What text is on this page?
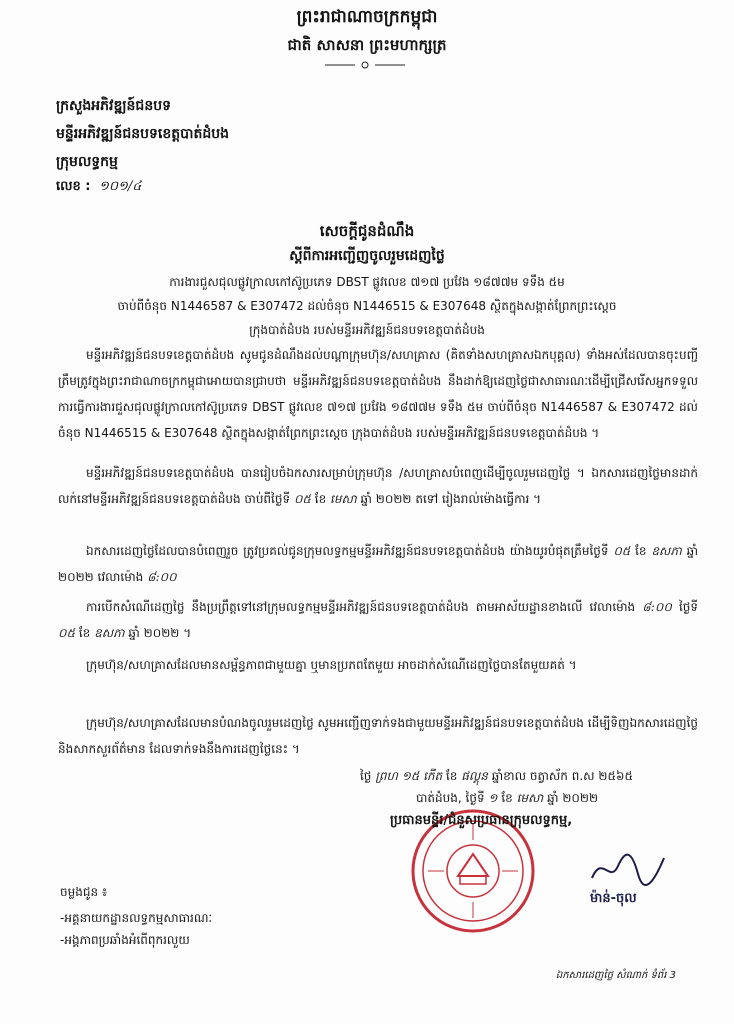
ព្រះរាជាណាចក្រកម្ពុជា
ជាតិ សាសនា ព្រះមហាក្សត្រ
ក្រសួងអភិវឌ្ឍន៍ជនបទ
មន្ទីរអភិវឌ្ឍន៍ជនបទខេត្តបាត់ដំបង
ក្រុមលទ្ធកម្ម
លេខ : ១០១/៤
សេចក្តីជូនដំណឹង
ស្តីពីការអញ្ជើញចូលរួមដេញថ្លៃ
ការងារជួសជុលផ្លូវក្រាលកៅស៊ូប្រភេទ DBST ផ្លូវលេខ ៧១៧ ប្រវែង ១៨៧៧ម ទទឹង ៥ម
ចាប់ពីចំនុច N1446587 & E307472 ដល់ចំនុច N1446515 & E307648 ស្ថិតក្នុងសង្កាត់ព្រែកព្រះស្តេច
ក្រុងបាត់ដំបង របស់មន្ទីរអភិវឌ្ឍន៍ជនបទខេត្តបាត់ដំបង
មន្ទីរអភិវឌ្ឍន៍ជនបទខេត្តបាត់ដំបង សូមជូនដំណឹងដល់បណ្តាក្រុមហ៊ុន/សហគ្រាស (គិតទាំងសហគ្រាសឯកបុគ្គល) ទាំងអស់ដែលបានចុះបញ្ជីត្រឹមត្រូវក្នុងព្រះរាជាណាចក្រកម្ពុជាអោយបានជ្រាបថា មន្ទីរអភិវឌ្ឍន៍ជនបទខេត្តបាត់ដំបង នឹងដាក់ឱ្យដេញថ្លៃជាសាធារណៈដើម្បីជ្រើសរើសអ្នកទទួលការធ្វើការងារជួសជុលផ្លូវក្រាលកៅស៊ូប្រភេទ DBST ផ្លូវលេខ ៧១៧ ប្រវែង ១៨៧៧ម ទទឹង ៥ម ចាប់ពីចំនុច N1446587 & E307472 ដល់ចំនុច N1446515 & E307648 ស្ថិតក្នុងសង្កាត់ព្រែកព្រះស្តេច ក្រុងបាត់ដំបង របស់មន្ទីរអភិវឌ្ឍន៍ជនបទខេត្តបាត់ដំបង ។
មន្ទីរអភិវឌ្ឍន៍ជនបទខេត្តបាត់ដំបង បានរៀបចំឯកសារសម្រាប់ក្រុមហ៊ុន /សហគ្រាសបំពេញដើម្បីចូលរួមដេញថ្លៃ ។ ឯកសារដេញថ្លៃមានដាក់លក់នៅមន្ទីរអភិវឌ្ឍន៍ជនបទខេត្តបាត់ដំបង ចាប់ពីថ្ងៃទី ០៥ ខែ មេសា ឆ្នាំ ២០២២ តទៅ រៀងរាល់ម៉ោងធ្វើការ ។
ឯកសារដេញថ្លៃដែលបានបំពេញរួច ត្រូវប្រគល់ជូនក្រុមលទ្ធកម្មមន្ទីរអភិវឌ្ឍន៍ជនបទខេត្តបាត់ដំបង យ៉ាងយូរបំផុតត្រឹមថ្ងៃទី ០៥ ខែ ឧសភា ឆ្នាំ ២០២២ វេលាម៉ោង ៨:០០
ការបើកសំណើដេញថ្លៃ នឹងប្រព្រឹត្តទៅនៅក្រុមលទ្ធកម្មមន្ទីរអភិវឌ្ឍន៍ជនបទខេត្តបាត់ដំបង តាមអាស័យដ្ឋានខាងលើ វេលាម៉ោង ៨:០០ ថ្ងៃទី ០៥ ខែ ឧសភា ឆ្នាំ ២០២២ ។
ក្រុមហ៊ុន/សហគ្រាសដែលមានសម្ព័ន្ធភាពជាមួយគ្នា ឬមានប្រភពតែមួយ អាចដាក់សំណើដេញថ្លៃបានតែមួយគត់ ។
ក្រុមហ៊ុន/សហគ្រាសដែលមានបំណងចូលរួមដេញថ្លៃ សូមអញ្ជើញទាក់ទងជាមួយមន្ទីរអភិវឌ្ឍន៍ជនបទខេត្តបាត់ដំបង ដើម្បីទិញឯកសារដេញថ្លៃ និងសាកសួរព័ត៌មាន ដែលទាក់ទងនឹងការដេញថ្លៃនេះ ។
ថ្ងៃ ព្រហ ១៥ កើត ខែ ផល្គុន ឆ្នាំខាល ចត្វាស័ក ព.ស ២៥៦៥
បាត់ដំបង, ថ្ងៃទី ១ ខែ មេសា ឆ្នាំ ២០២២
ប្រធានមន្ទីរ/ជំនួសប្រធានក្រុមលទ្ធកម្ម,
ម៉ាន់-ចុល
ចម្លងជូន ៖
-អគ្គនាយកដ្ឋានលទ្ធកម្មសាធារណៈ
-អង្គភាពប្រឆាំងអំពើពុករលួយ
ឯកសារដេញថ្លៃ សំណាក់ ទំព័រ 3
